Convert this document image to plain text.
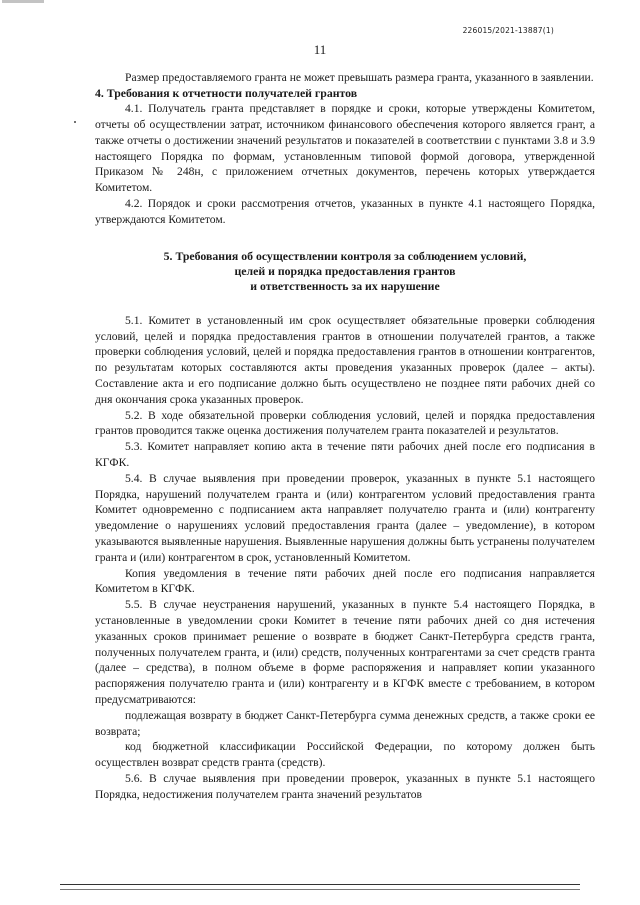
226015/2021-13887(1)
11

Размер предоставляемого гранта не может превышать размера гранта, указанного в заявлении.

4. Требования к отчетности получателей грантов

4.1. Получатель гранта представляет в порядке и сроки, которые утверждены Комитетом, отчеты об осуществлении затрат, источником финансового обеспечения которого является грант, а также отчеты о достижении значений результатов и показателей в соответствии с пунктами 3.8 и 3.9 настоящего Порядка по формам, установленным типовой формой договора, утвержденной Приказом № 248н, с приложением отчетных документов, перечень которых утверждается Комитетом.

4.2. Порядок и сроки рассмотрения отчетов, указанных в пункте 4.1 настоящего Порядка, утверждаются Комитетом.

5. Требования об осуществлении контроля за соблюдением условий,
целей и порядка предоставления грантов
и ответственность за их нарушение

5.1. Комитет в установленный им срок осуществляет обязательные проверки соблюдения условий, целей и порядка предоставления грантов в отношении получателей грантов, а также проверки соблюдения условий, целей и порядка предоставления грантов в отношении контрагентов, по результатам которых составляются акты проведения указанных проверок (далее – акты). Составление акта и его подписание должно быть осуществлено не позднее пяти рабочих дней со дня окончания срока указанных проверок.

5.2. В ходе обязательной проверки соблюдения условий, целей и порядка предоставления грантов проводится также оценка достижения получателем гранта показателей и результатов.

5.3. Комитет направляет копию акта в течение пяти рабочих дней после его подписания в КГФК.

5.4. В случае выявления при проведении проверок, указанных в пункте 5.1 настоящего Порядка, нарушений получателем гранта и (или) контрагентом условий предоставления гранта Комитет одновременно с подписанием акта направляет получателю гранта и (или) контрагенту уведомление о нарушениях условий предоставления гранта (далее – уведомление), в котором указываются выявленные нарушения. Выявленные нарушения должны быть устранены получателем гранта и (или) контрагентом в срок, установленный Комитетом.

Копия уведомления в течение пяти рабочих дней после его подписания направляется Комитетом в КГФК.

5.5. В случае неустранения нарушений, указанных в пункте 5.4 настоящего Порядка, в установленные в уведомлении сроки Комитет в течение пяти рабочих дней со дня истечения указанных сроков принимает решение о возврате в бюджет Санкт-Петербурга средств гранта, полученных получателем гранта, и (или) средств, полученных контрагентами за счет средств гранта (далее – средства), в полном объеме в форме распоряжения и направляет копии указанного распоряжения получателю гранта и (или) контрагенту и в КГФК вместе с требованием, в котором предусматриваются:

подлежащая возврату в бюджет Санкт-Петербурга сумма денежных средств, а также сроки ее возврата;

код бюджетной классификации Российской Федерации, по которому должен быть осуществлен возврат средств гранта (средств).

5.6. В случае выявления при проведении проверок, указанных в пункте 5.1 настоящего Порядка, недостижения получателем гранта значений результатов
